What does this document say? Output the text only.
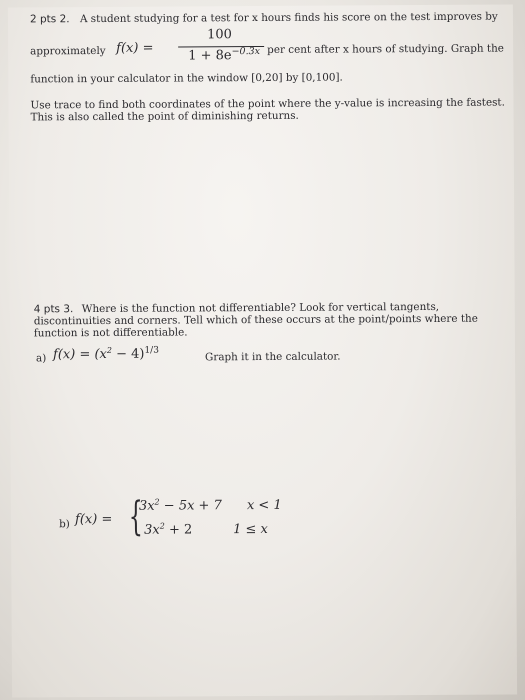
2 pts 2. A student studying for a test for x hours finds his score on the test improves by
approximately f(x) =
100
$1 + 8e^{-0.3x}$ per cent after x hours of studying. Graph the
function in your calculator in the window [0,20] by [0,100].
Use trace to find both coordinates of the point where the y-value is increasing the fastest.
This is also called the point of diminishing returns.
4 pts 3. Where is the function not differentiable? Look for vertical tangents,
discontinuities and corners. Tell which of these occurs at the point/points where the
function is not differentiable.
a) $f(x) = (x^2 - 4)^{1/3}$	Graph it in the calculator.
b) f(x) = {
$3x^2 - 5x + 7$ x < 1
$3x^2 + 2$	1 ≤ x
